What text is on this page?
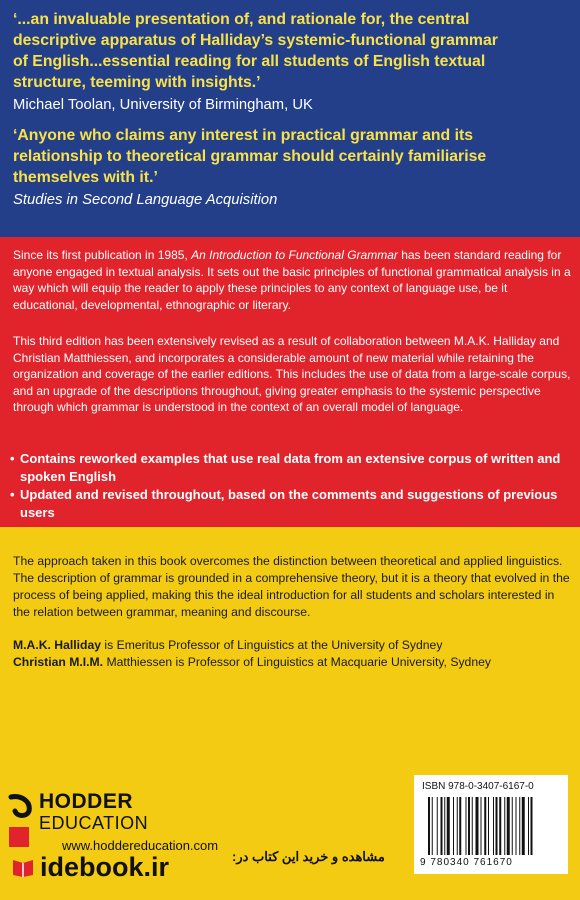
‘...an invaluable presentation of, and rationale for, the central
descriptive apparatus of Halliday’s systemic-functional grammar
of English...essential reading for all students of English textual
structure, teeming with insights.’

Michael Toolan, University of Birmingham, UK

‘Anyone who claims any interest in practical grammar and its
relationship to theoretical grammar should certainly familiarise
themselves with it.’

Studies in Second Language Acquisition

Since its first publication in 1985, An Introduction to Functional Grammar has been standard reading for anyone engaged in textual analysis. It sets out the basic principles of functional grammatical analysis in a way which will equip the reader to apply these principles to any context of language use, be it educational, developmental, ethnographic or literary.

This third edition has been extensively revised as a result of collaboration between M.A.K. Halliday and Christian Matthiessen, and incorporates a considerable amount of new material while retaining the organization and coverage of the earlier editions. This includes the use of data from a large-scale corpus, and an upgrade of the descriptions throughout, giving greater emphasis to the systemic perspective through which grammar is understood in the context of an overall model of language.

• Contains reworked examples that use real data from an extensive corpus of written and spoken English
• Updated and revised throughout, based on the comments and suggestions of previous users

The approach taken in this book overcomes the distinction between theoretical and applied linguistics. The description of grammar is grounded in a comprehensive theory, but it is a theory that evolved in the process of being applied, making this the ideal introduction for all students and scholars interested in the relation between grammar, meaning and discourse.

M.A.K. Halliday is Emeritus Professor of Linguistics at the University of Sydney

Christian M.I.M. Matthiessen is Professor of Linguistics at Macquarie University, Sydney

HODDER
EDUCATION
www.hoddereducation.com
ISBN 978-0-3407-6167-0
9 780340 761670
idebook.ir	مشاهده و خرید این کتاب در:
